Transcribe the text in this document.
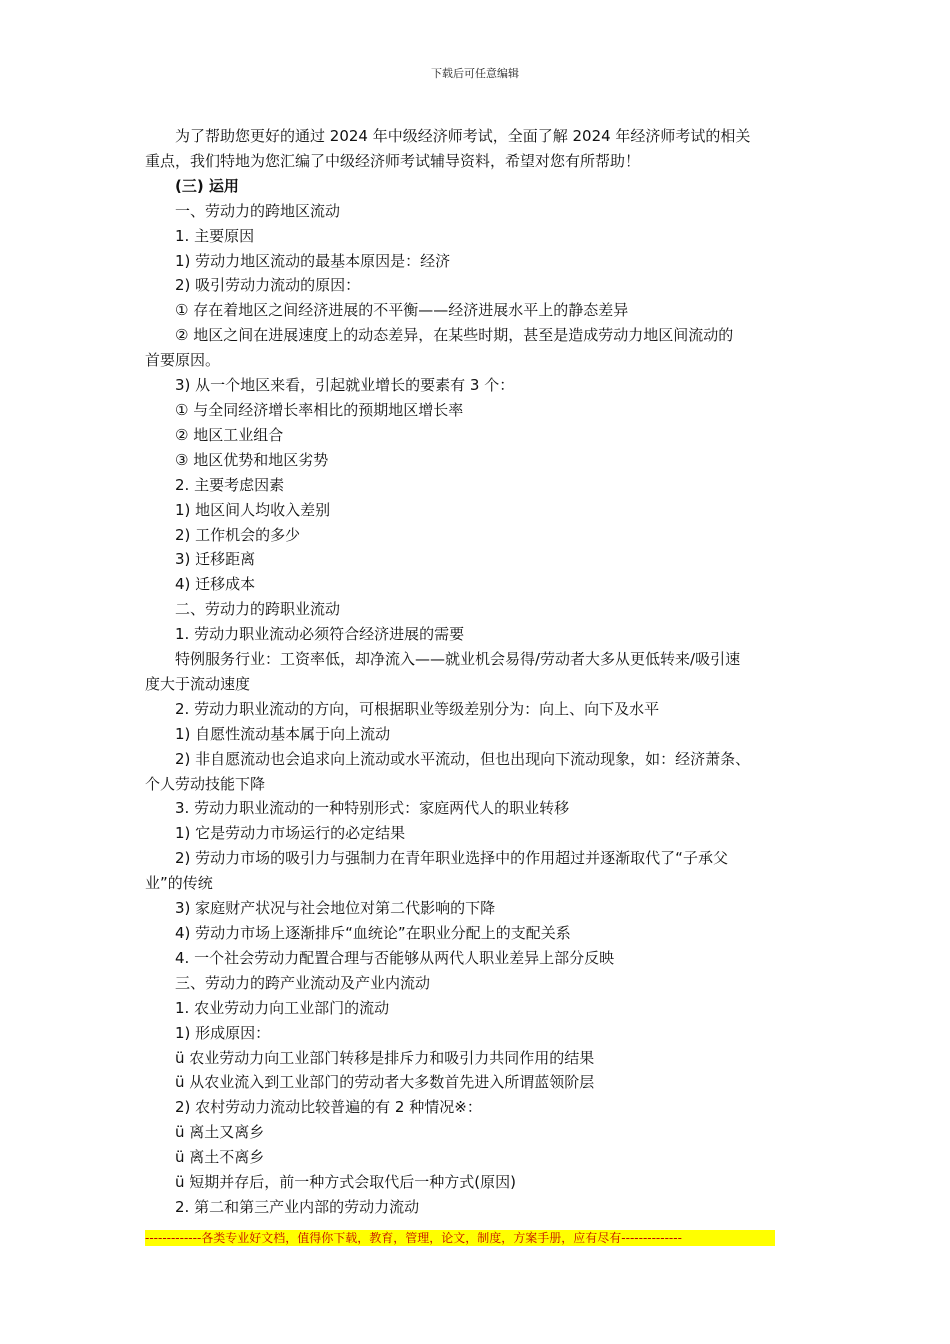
下载后可任意编辑
为了帮助您更好的通过 2024 年中级经济师考试，全面了解 2024 年经济师考试的相关
重点，我们特地为您汇编了中级经济师考试辅导资料，希望对您有所帮助！
(三) 运用
一、劳动力的跨地区流动
1. 主要原因
1) 劳动力地区流动的最基本原因是：经济
2) 吸引劳动力流动的原因：
① 存在着地区之间经济进展的不平衡——经济进展水平上的静态差异
② 地区之间在进展速度上的动态差异，在某些时期，甚至是造成劳动力地区间流动的
首要原因。
3) 从一个地区来看，引起就业增长的要素有 3 个：
① 与全同经济增长率相比的预期地区增长率
② 地区工业组合
③ 地区优势和地区劣势
2. 主要考虑因素
1) 地区间人均收入差别
2) 工作机会的多少
3) 迁移距离
4) 迁移成本
二、劳动力的跨职业流动
1. 劳动力职业流动必须符合经济进展的需要
特例服务行业：工资率低，却净流入——就业机会易得/劳动者大多从更低转来/吸引速
度大于流动速度
2. 劳动力职业流动的方向，可根据职业等级差别分为：向上、向下及水平
1) 自愿性流动基本属于向上流动
2) 非自愿流动也会追求向上流动或水平流动，但也出现向下流动现象，如：经济萧条、
个人劳动技能下降
3. 劳动力职业流动的一种特别形式：家庭两代人的职业转移
1) 它是劳动力市场运行的必定结果
2) 劳动力市场的吸引力与强制力在青年职业选择中的作用超过并逐渐取代了“子承父
业”的传统
3) 家庭财产状况与社会地位对第二代影响的下降
4) 劳动力市场上逐渐排斥“血统论”在职业分配上的支配关系
4. 一个社会劳动力配置合理与否能够从两代人职业差异上部分反映
三、劳动力的跨产业流动及产业内流动
1. 农业劳动力向工业部门的流动
1) 形成原因：
ü 农业劳动力向工业部门转移是排斥力和吸引力共同作用的结果
ü 从农业流入到工业部门的劳动者大多数首先进入所谓蓝领阶层
2) 农村劳动力流动比较普遍的有 2 种情况※：
ü 离土又离乡
ü 离土不离乡
ü 短期并存后，前一种方式会取代后一种方式(原因)
2. 第二和第三产业内部的劳动力流动
-------------各类专业好文档，值得你下载，教育，管理，论文，制度，方案手册，应有尽有--------------
